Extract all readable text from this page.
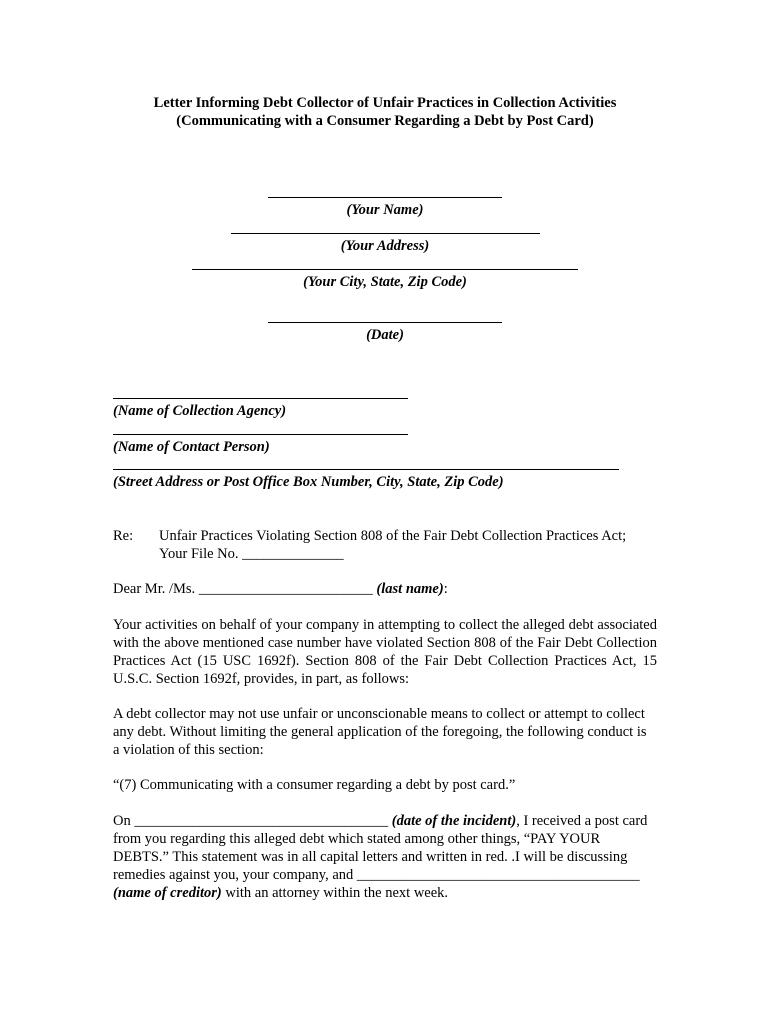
Letter Informing Debt Collector of Unfair Practices in Collection Activities
(Communicating with a Consumer Regarding a Debt by Post Card)
(Your Name)
(Your Address)
(Your City, State, Zip Code)
(Date)
(Name of Collection Agency)
(Name of Contact Person)
(Street Address or Post Office Box Number, City, State, Zip Code)
Re: Unfair Practices Violating Section 808 of the Fair Debt Collection Practices Act;
Your File No. ______________
Dear Mr. /Ms. ________________________ (last name):
Your activities on behalf of your company in attempting to collect the alleged debt associated with the above mentioned case number have violated Section 808 of the Fair Debt Collection Practices Act (15 USC 1692f). Section 808 of the Fair Debt Collection Practices Act, 15 U.S.C. Section 1692f, provides, in part, as follows:
A debt collector may not use unfair or unconscionable means to collect or attempt to collect any debt. Without limiting the general application of the foregoing, the following conduct is a violation of this section:
“(7) Communicating with a consumer regarding a debt by post card.”
On ___________________________________ (date of the incident), I received a post card from you regarding this alleged debt which stated among other things, “PAY YOUR DEBTS.” This statement was in all capital letters and written in red. .I will be discussing remedies against you, your company, and _______________________________________ (name of creditor) with an attorney within the next week.
